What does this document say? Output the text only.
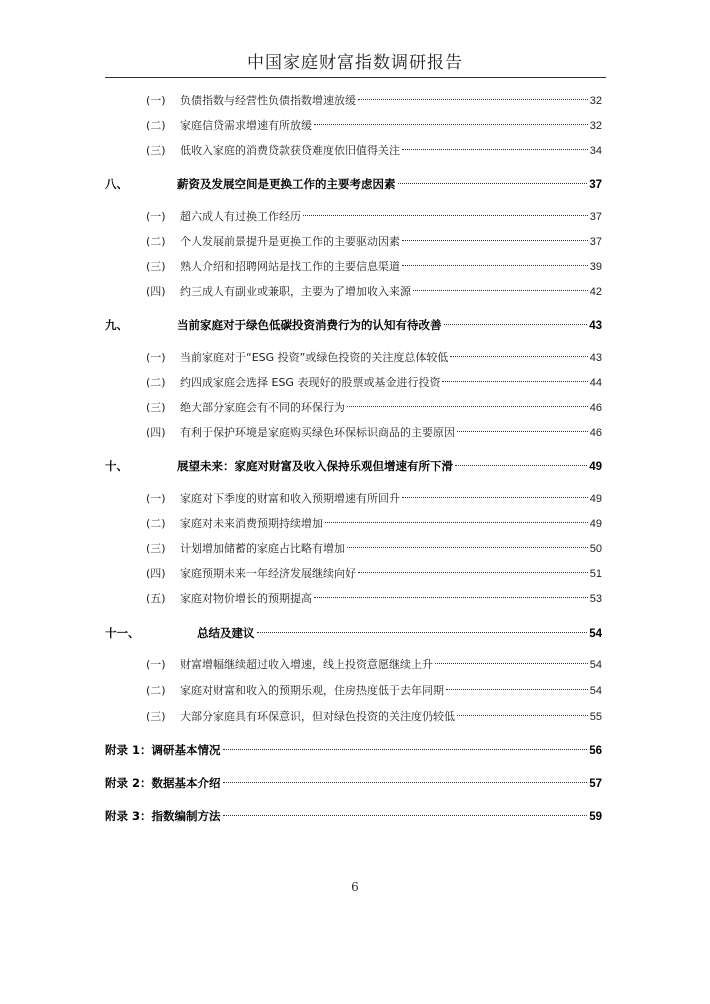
中国家庭财富指数调研报告
(一)	负债指数与经营性负债指数增速放缓	32
(二)	家庭信贷需求增速有所放缓	32
(三)	低收入家庭的消费贷款获贷难度依旧值得关注	34
八、	薪资及发展空间是更换工作的主要考虑因素	37
(一)	超六成人有过换工作经历	37
(二)	个人发展前景提升是更换工作的主要驱动因素	37
(三)	熟人介绍和招聘网站是找工作的主要信息渠道	39
(四)	约三成人有副业或兼职，主要为了增加收入来源	42
九、	当前家庭对于绿色低碳投资消费行为的认知有待改善	43
(一)	当前家庭对于“ESG 投资”或绿色投资的关注度总体较低	43
(二)	约四成家庭会选择 ESG 表现好的股票或基金进行投资	44
(三)	绝大部分家庭会有不同的环保行为	46
(四)	有利于保护环境是家庭购买绿色环保标识商品的主要原因	46
十、	展望未来：家庭对财富及收入保持乐观但增速有所下滑	49
(一)	家庭对下季度的财富和收入预期增速有所回升	49
(二)	家庭对未来消费预期持续增加	49
(三)	计划增加储蓄的家庭占比略有增加	50
(四)	家庭预期未来一年经济发展继续向好	51
(五)	家庭对物价增长的预期提高	53
十一、	总结及建议	54
(一)	财富增幅继续超过收入增速，线上投资意愿继续上升	54
(二)	家庭对财富和收入的预期乐观，住房热度低于去年同期	54
(三)	大部分家庭具有环保意识，但对绿色投资的关注度仍较低	55
附录 1：调研基本情况	56
附录 2：数据基本介绍	57
附录 3：指数编制方法	59
6
